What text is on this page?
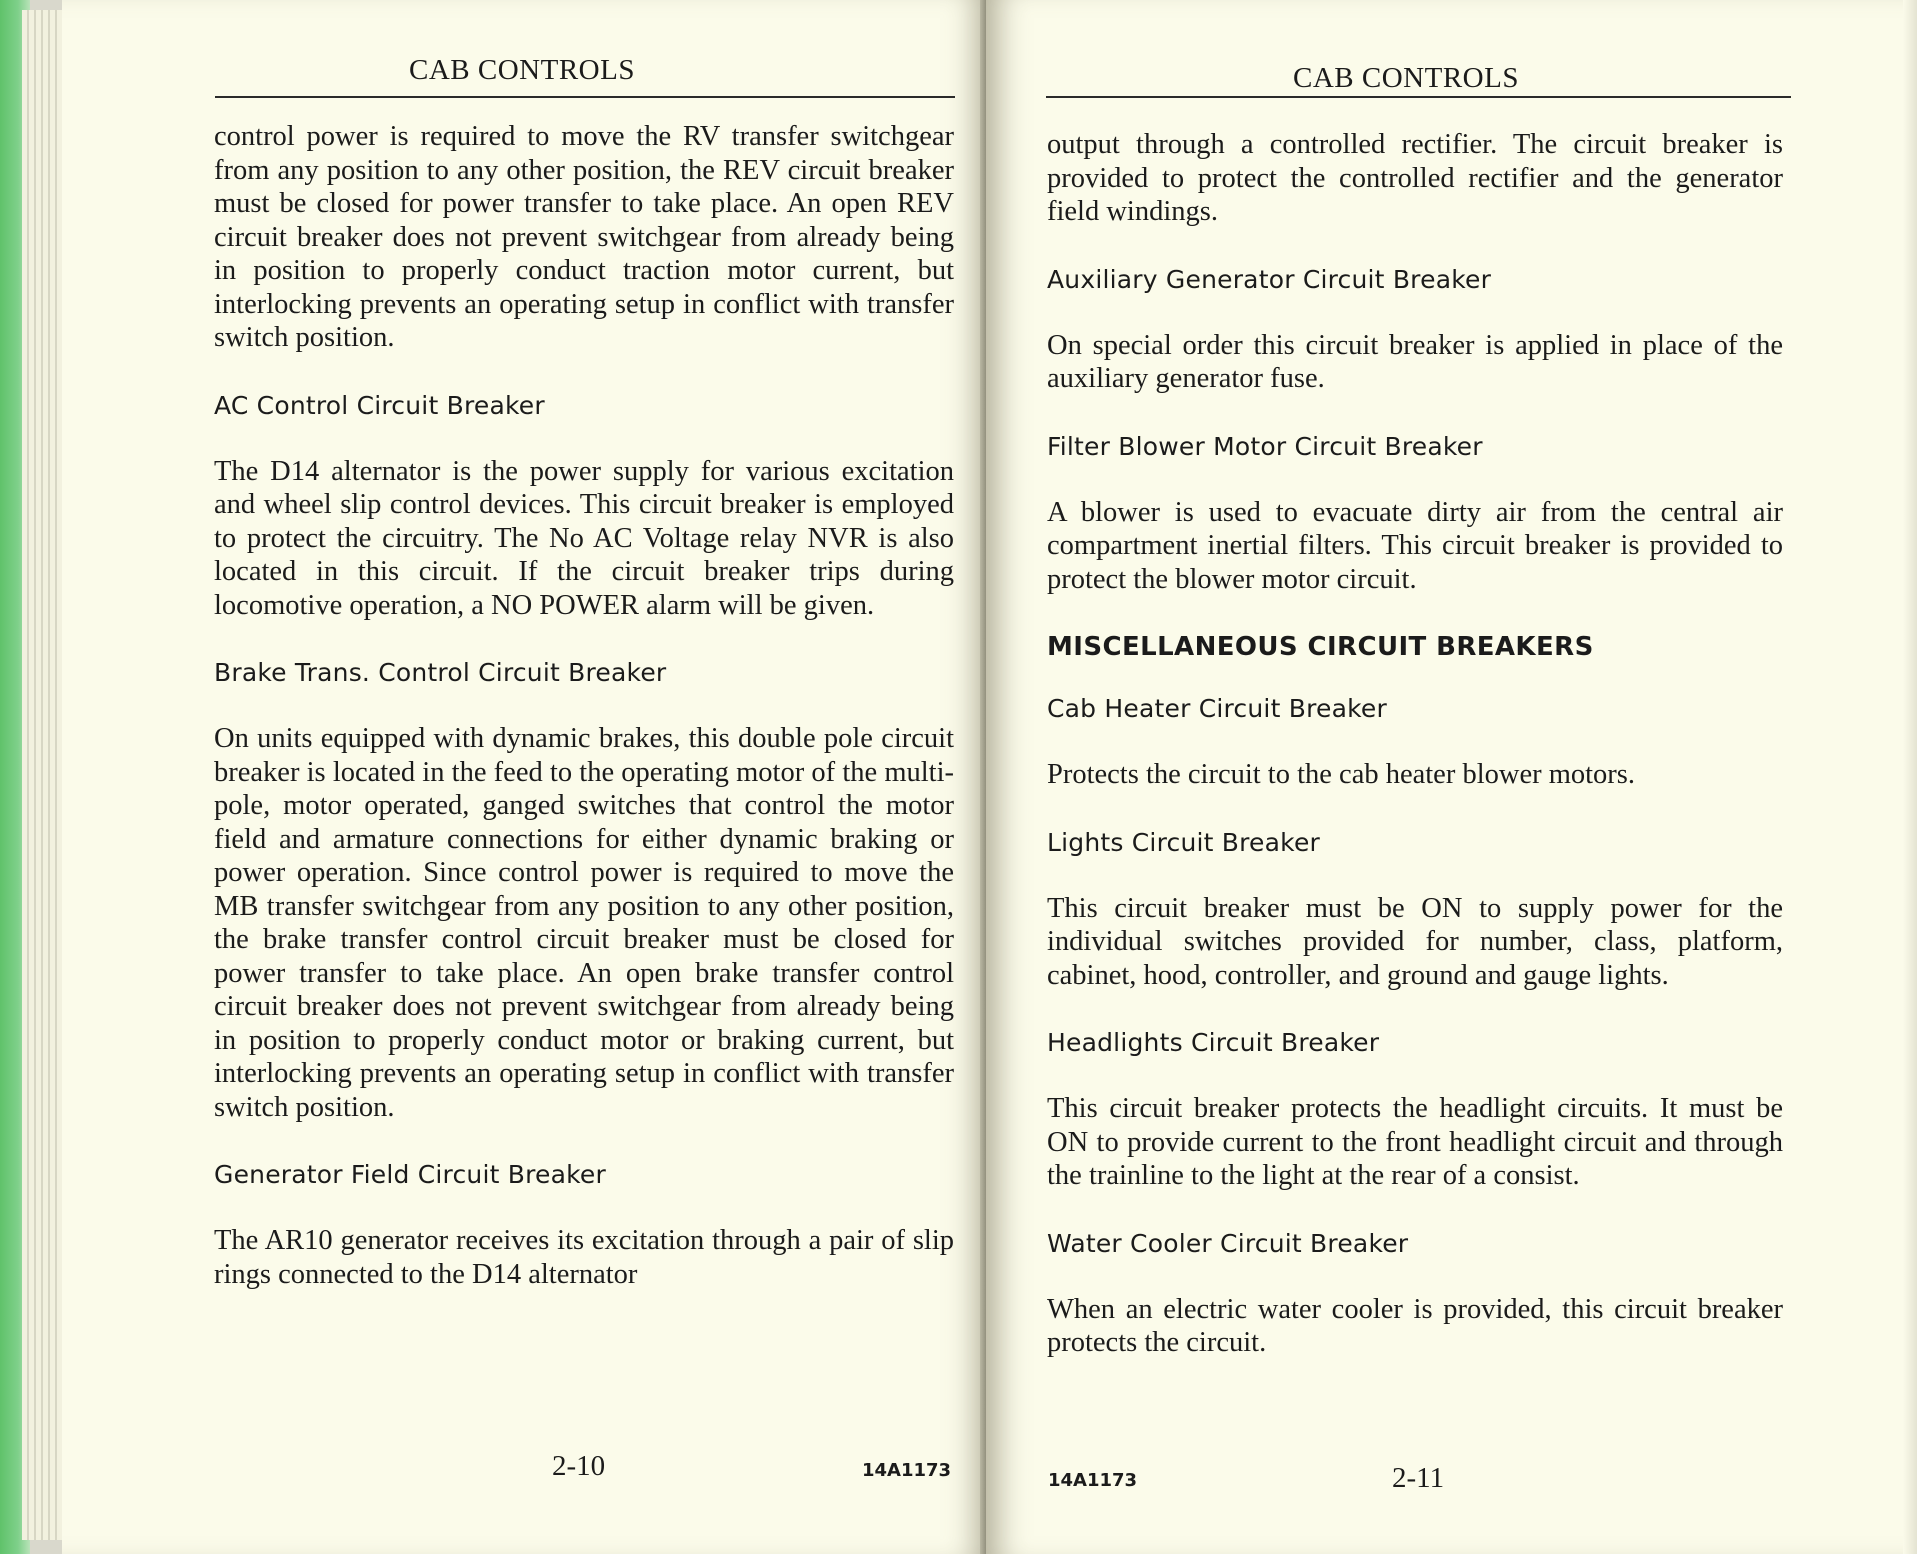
CAB CONTROLS

control power is required to move the RV transfer switchgear from any position to any other position, the REV circuit breaker must be closed for power transfer to take place. An open REV circuit breaker does not prevent switchgear from already being in position to properly conduct traction motor current, but interlocking prevents an operating setup in conflict with transfer switch position.

AC Control Circuit Breaker

The D14 alternator is the power supply for various excitation and wheel slip control devices. This circuit breaker is employed to protect the circuitry. The No AC Voltage relay NVR is also located in this circuit. If the circuit breaker trips during locomotive operation, a NO POWER alarm will be given.

Brake Trans. Control Circuit Breaker

On units equipped with dynamic brakes, this double pole circuit breaker is located in the feed to the operating motor of the multi-pole, motor operated, ganged switches that control the motor field and armature connections for either dynamic braking or power operation. Since control power is required to move the MB transfer switchgear from any position to any other position, the brake transfer control circuit breaker must be closed for power transfer to take place. An open brake transfer control circuit breaker does not prevent switchgear from already being in position to properly conduct motor or braking current, but interlocking prevents an operating setup in conflict with transfer switch position.

Generator Field Circuit Breaker

The AR10 generator receives its excitation through a pair of slip rings connected to the D14 alternator

2-10	14A1173
CAB CONTROLS

output through a controlled rectifier. The circuit breaker is provided to protect the controlled rectifier and the generator field windings.

Auxiliary Generator Circuit Breaker

On special order this circuit breaker is applied in place of the auxiliary generator fuse.

Filter Blower Motor Circuit Breaker

A blower is used to evacuate dirty air from the central air compartment inertial filters. This circuit breaker is provided to protect the blower motor circuit.

MISCELLANEOUS CIRCUIT BREAKERS
Cab Heater Circuit Breaker

Protects the circuit to the cab heater blower motors.

Lights Circuit Breaker

This circuit breaker must be ON to supply power for the individual switches provided for number, class, platform, cabinet, hood, controller, and ground and gauge lights.

Headlights Circuit Breaker

This circuit breaker protects the headlight circuits. It must be ON to provide current to the front headlight circuit and through the trainline to the light at the rear of a consist.

Water Cooler Circuit Breaker

When an electric water cooler is provided, this circuit breaker protects the circuit.

14A1173	2-11
